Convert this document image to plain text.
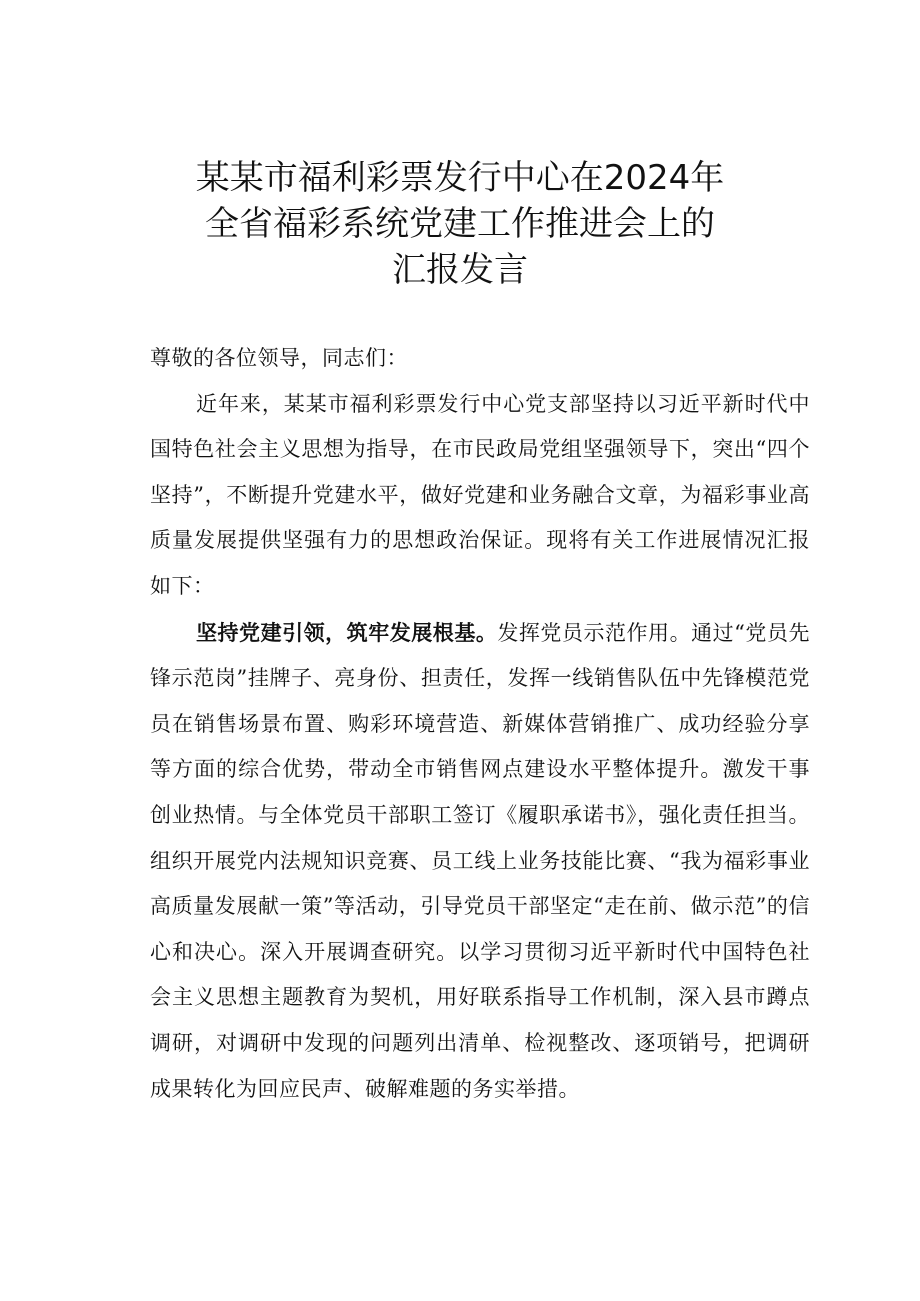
某某市福利彩票发行中心在2024年
全省福彩系统党建工作推进会上的
汇报发言

尊敬的各位领导，同志们：

近年来，某某市福利彩票发行中心党支部坚持以习近平新时代中国特色社会主义思想为指导，在市民政局党组坚强领导下，突出“四个坚持”，不断提升党建水平，做好党建和业务融合文章，为福彩事业高质量发展提供坚强有力的思想政治保证。现将有关工作进展情况汇报如下：

坚持党建引领，筑牢发展根基。发挥党员示范作用。通过“党员先锋示范岗”挂牌子、亮身份、担责任，发挥一线销售队伍中先锋模范党员在销售场景布置、购彩环境营造、新媒体营销推广、成功经验分享等方面的综合优势，带动全市销售网点建设水平整体提升。激发干事创业热情。与全体党员干部职工签订《履职承诺书》，强化责任担当。组织开展党内法规知识竞赛、员工线上业务技能比赛、“我为福彩事业高质量发展献一策”等活动，引导党员干部坚定“走在前、做示范”的信心和决心。深入开展调查研究。以学习贯彻习近平新时代中国特色社会主义思想主题教育为契机，用好联系指导工作机制，深入县市蹲点调研，对调研中发现的问题列出清单、检视整改、逐项销号，把调研成果转化为回应民声、破解难题的务实举措。
